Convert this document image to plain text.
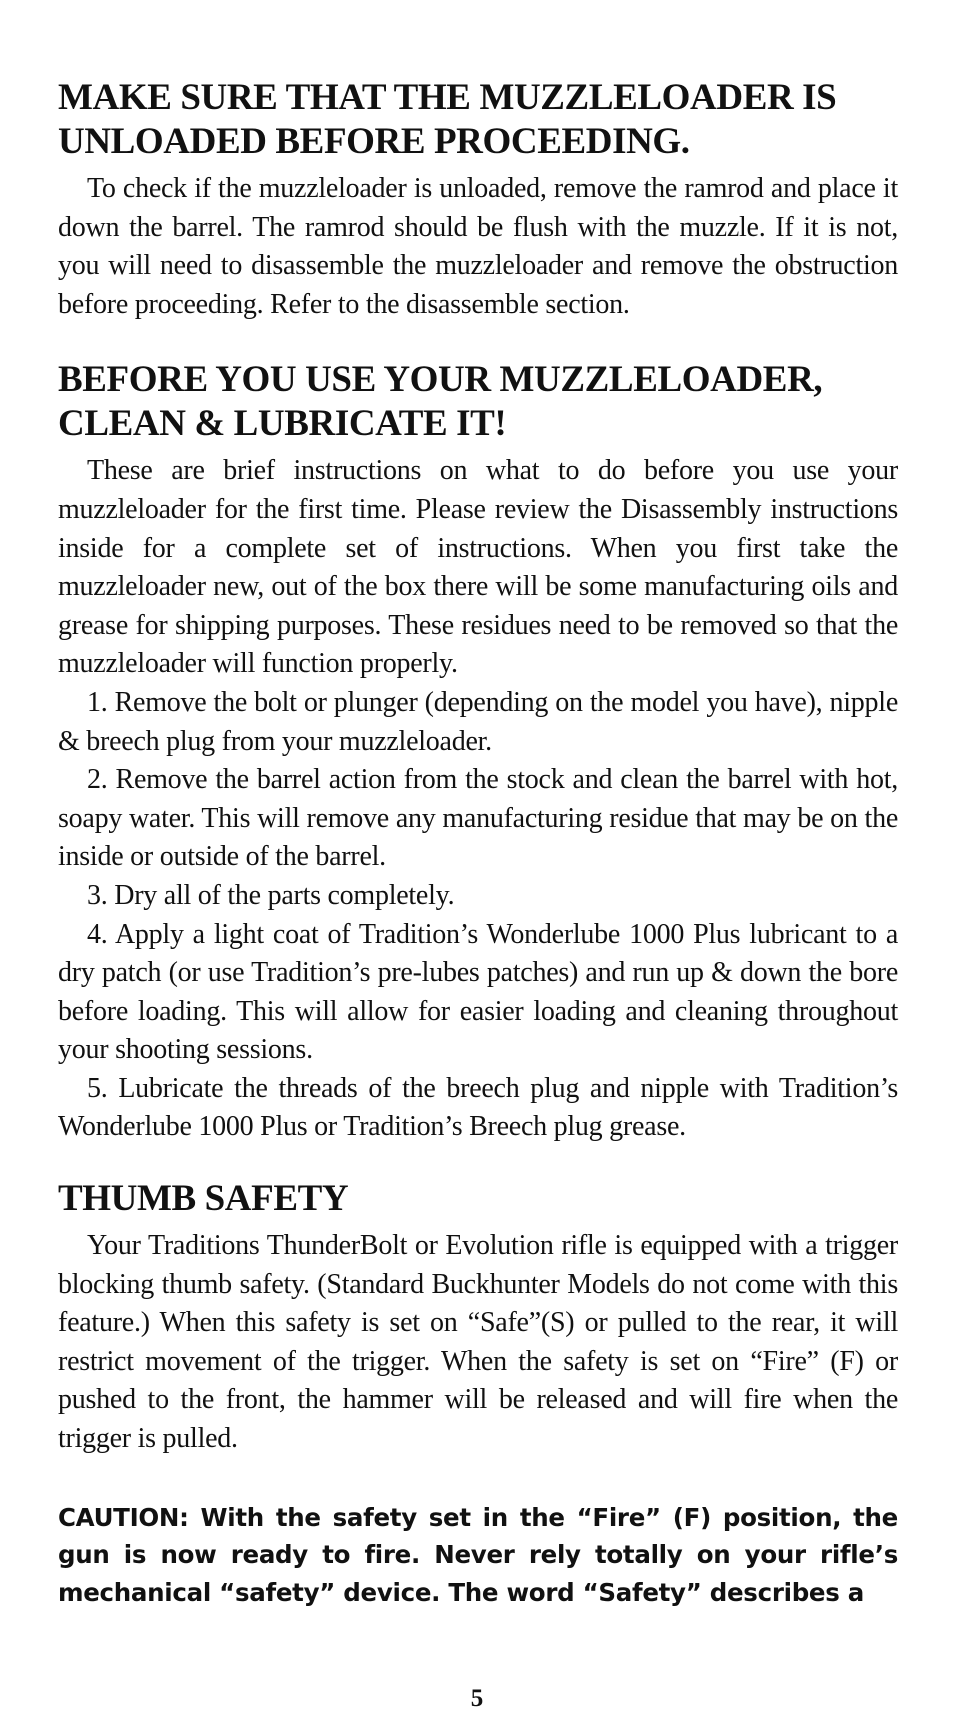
MAKE SURE THAT THE MUZZLELOADER IS
UNLOADED BEFORE PROCEEDING.

To check if the muzzleloader is unloaded, remove the ramrod and place it down the barrel. The ramrod should be flush with the muzzle. If it is not, you will need to disassemble the muzzleloader and remove the obstruction before proceeding. Refer to the disassemble section.

BEFORE YOU USE YOUR MUZZLELOADER,
CLEAN & LUBRICATE IT!

These are brief instructions on what to do before you use your muzzleloader for the first time. Please review the Disassembly instructions inside for a complete set of instructions. When you first take the muzzleloader new, out of the box there will be some manufacturing oils and grease for shipping purposes. These residues need to be removed so that the muzzleloader will function properly.

1. Remove the bolt or plunger (depending on the model you have), nipple & breech plug from your muzzleloader.

2. Remove the barrel action from the stock and clean the barrel with hot, soapy water. This will remove any manufacturing residue that may be on the inside or outside of the barrel.

3. Dry all of the parts completely.

4. Apply a light coat of Tradition’s Wonderlube 1000 Plus lubricant to a dry patch (or use Tradition’s pre-lubes patches) and run up & down the bore before loading. This will allow for easier loading and cleaning throughout your shooting sessions.

5. Lubricate the threads of the breech plug and nipple with Tradition’s Wonderlube 1000 Plus or Tradition’s Breech plug grease.

THUMB SAFETY

Your Traditions ThunderBolt or Evolution rifle is equipped with a trigger blocking thumb safety. (Standard Buckhunter Models do not come with this feature.) When this safety is set on “Safe”(S) or pulled to the rear, it will restrict movement of the trigger. When the safety is set on “Fire” (F) or pushed to the front, the hammer will be released and will fire when the trigger is pulled.

CAUTION: With the safety set in the “Fire” (F) position, the gun is now ready to fire. Never rely totally on your rifle’s mechanical “safety” device. The word “Safety” describes a

5
